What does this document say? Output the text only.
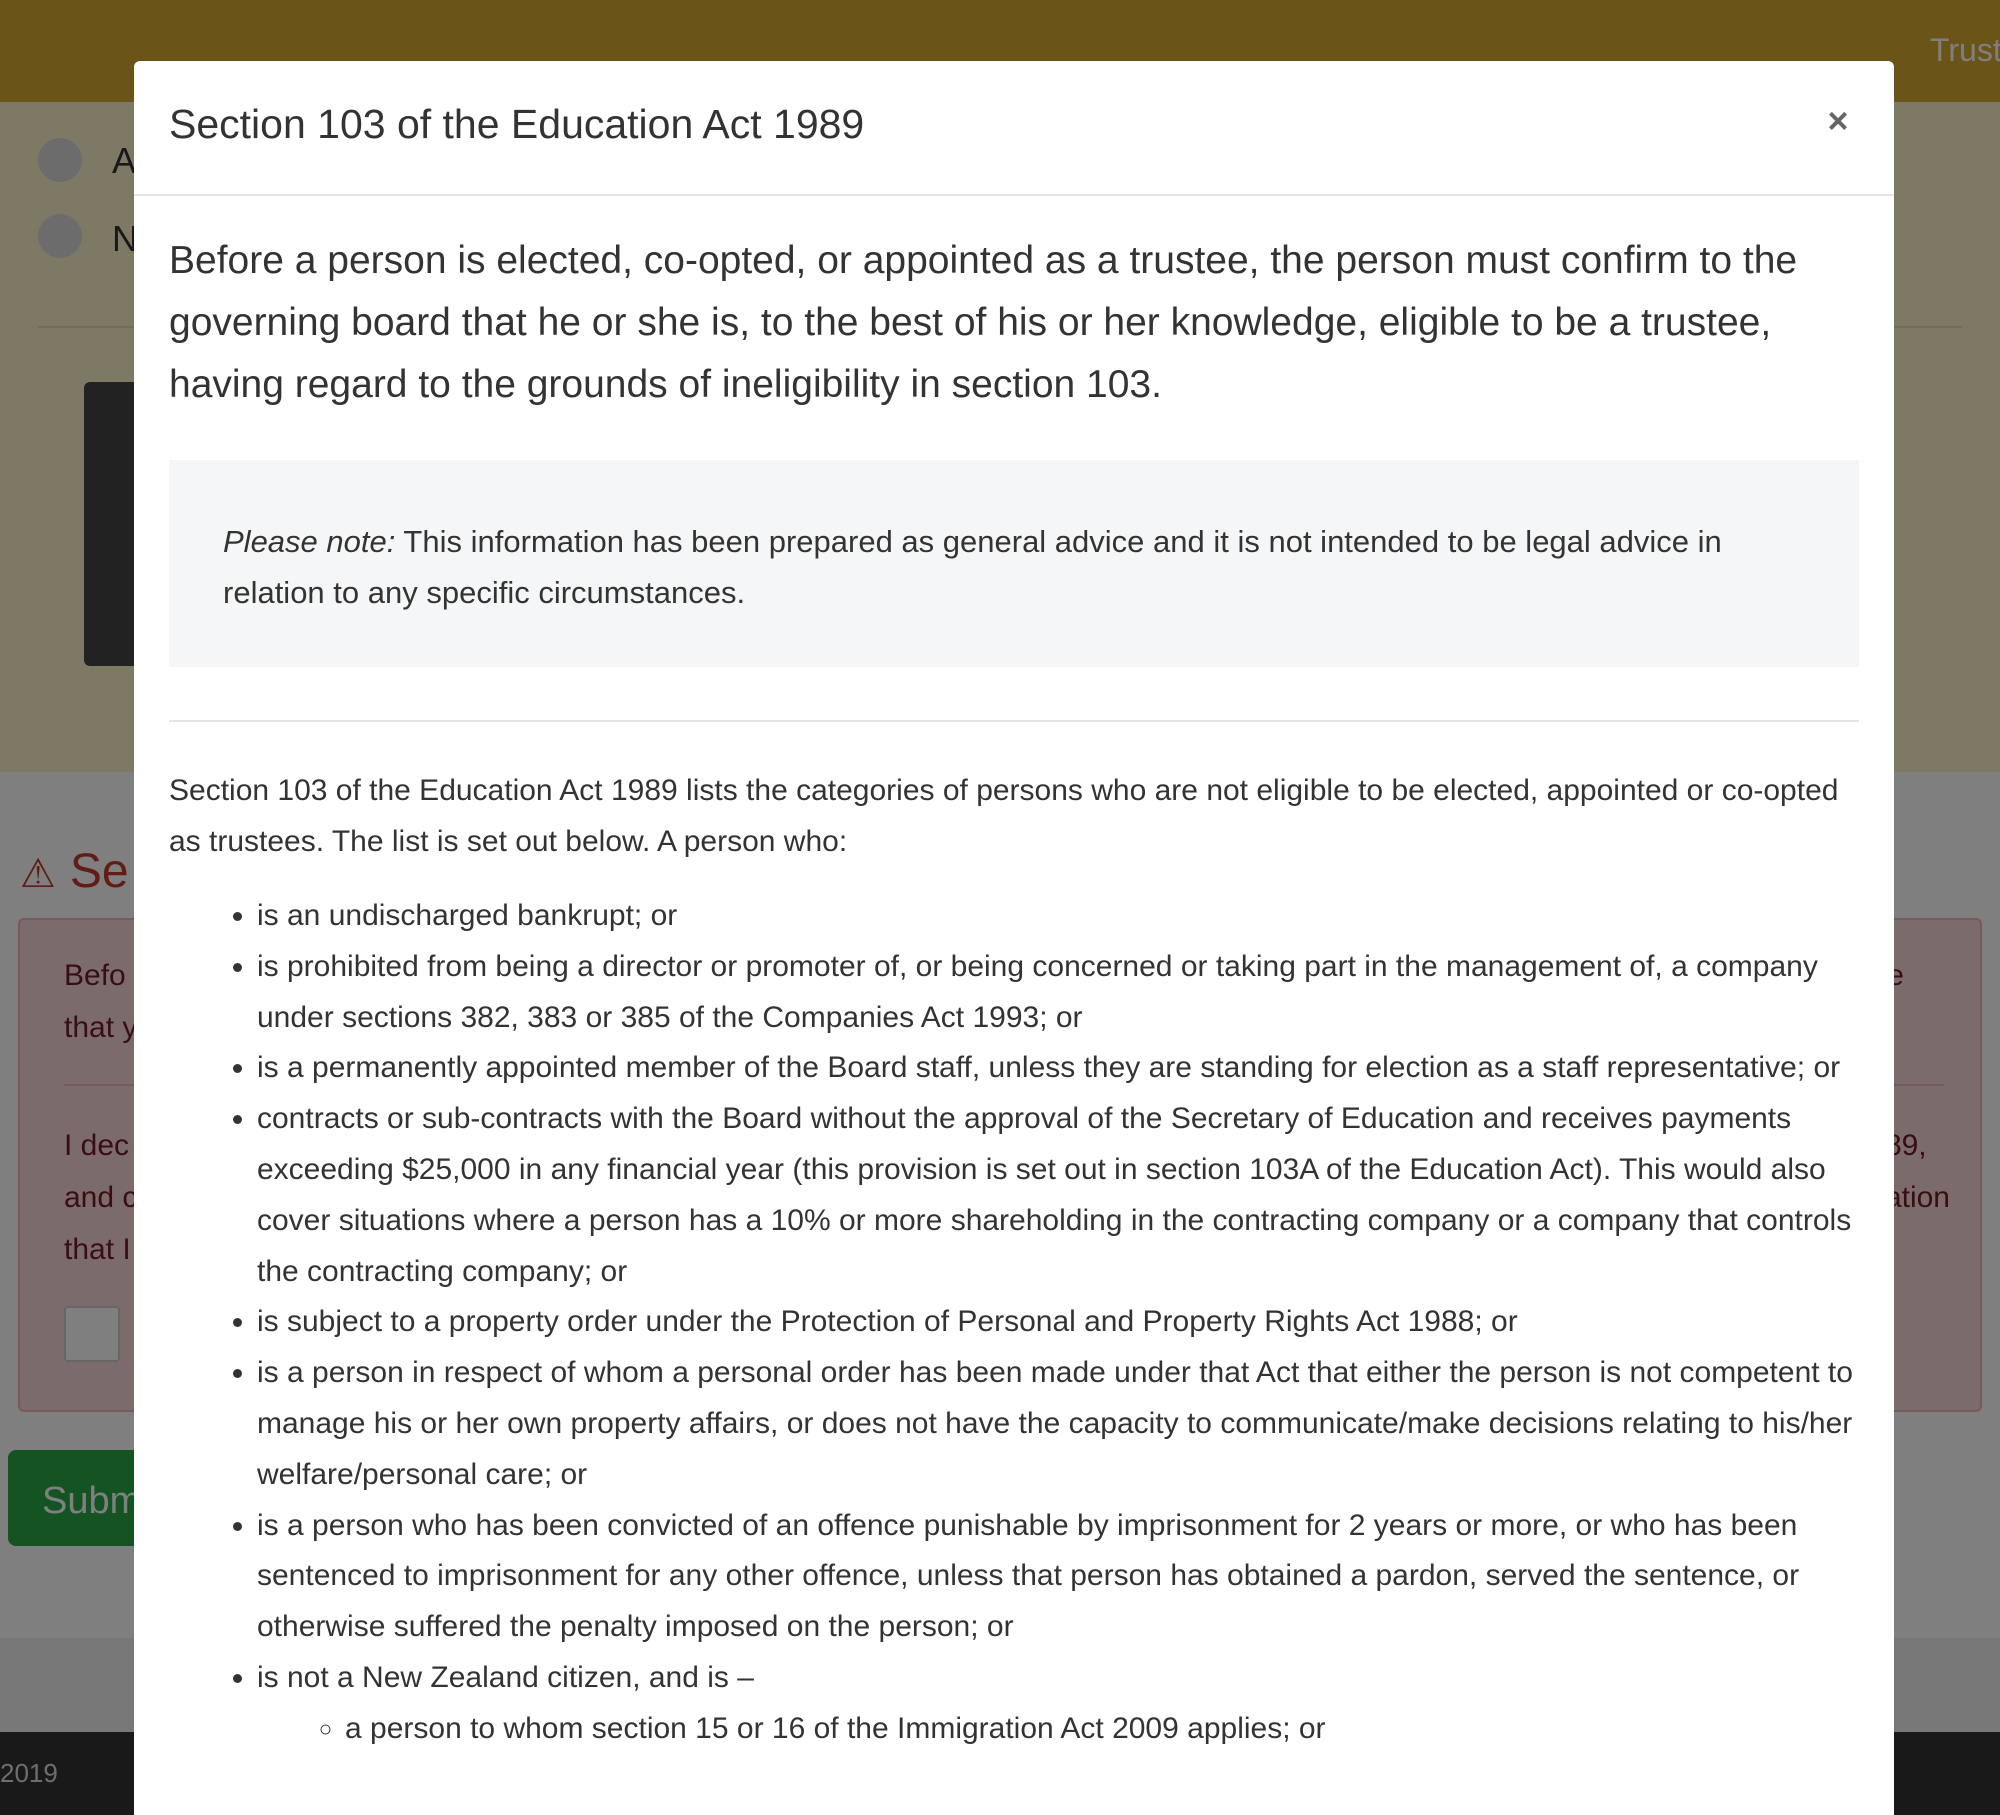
Section 103 of the Education Act 1989	×

Before a person is elected, co-opted, or appointed as a trustee, the person must confirm to the governing board that he or she is, to the best of his or her knowledge, eligible to be a trustee, having regard to the grounds of ineligibility in section 103.

Please note: This information has been prepared as general advice and it is not intended to be legal advice in relation to any specific circumstances.

Section 103 of the Education Act 1989 lists the categories of persons who are not eligible to be elected, appointed or co-opted as trustees. The list is set out below. A person who:

• is an undischarged bankrupt; or
• is prohibited from being a director or promoter of, or being concerned or taking part in the management of, a company under sections 382, 383 or 385 of the Companies Act 1993; or
• is a permanently appointed member of the Board staff, unless they are standing for election as a staff representative; or
• contracts or sub-contracts with the Board without the approval of the Secretary of Education and receives payments exceeding $25,000 in any financial year (this provision is set out in section 103A of the Education Act). This would also cover situations where a person has a 10% or more shareholding in the contracting company or a company that controls the contracting company; or
• is subject to a property order under the Protection of Personal and Property Rights Act 1988; or
• is a person in respect of whom a personal order has been made under that Act that either the person is not competent to manage his or her own property affairs, or does not have the capacity to communicate/make decisions relating to his/her welfare/personal care; or
• is a person who has been convicted of an offence punishable by imprisonment for 2 years or more, or who has been sentenced to imprisonment for any other offence, unless that person has obtained a pardon, served the sentence, or otherwise suffered the penalty imposed on the person; or
• is not a New Zealand citizen, and is –
◦ a person to whom section 15 or 16 of the Immigration Act 2009 applies; or
